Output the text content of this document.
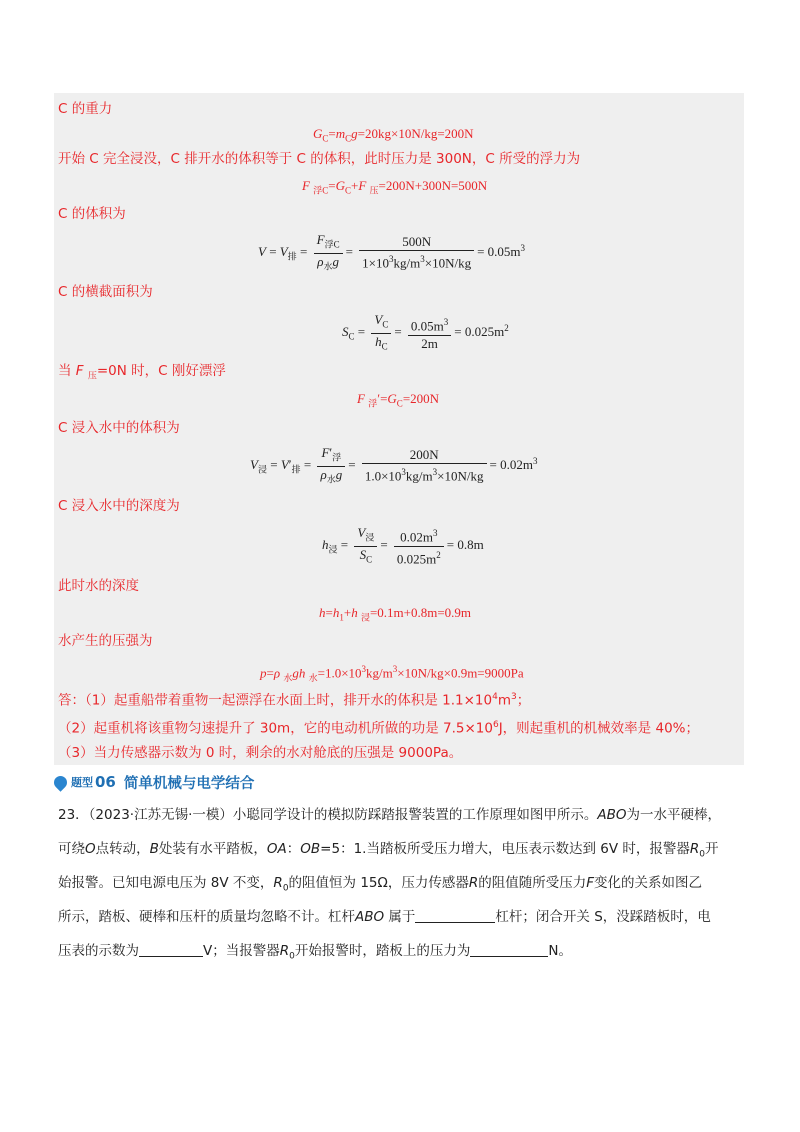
C 的重力
$G_C=m_Cg=20kg\times 10N/kg=200N$
开始 C 完全浸没，C 排开水的体积等于 C 的体积，此时压力是 300N，C 所受的浮力为
F $_{浮C}=G_C+F$ $_压$=200N+300N=500N
C 的体积为
$V = V_排 = \frac{F_{浮C}}{\rho_水g} = \frac{500N}{1\times 10^3kg/m^3\times 10N/kg} = 0.05m^3$
C 的横截面积为
$S_C = \frac{V_C}{h_C} = \frac{0.05m^3}{2m} = 0.025m^2$
当 F $_压$=0N 时，C 刚好漂浮
F $_浮'=G_C=200N$
C 浸入水中的体积为
$V_浸 = V'_排 = \frac{F'_浮}{\rho_水g} = \frac{200N}{1.0\times 10^3kg/m^3\times 10N/kg} = 0.02m^3$
C 浸入水中的深度为
$h_浸 = \frac{V_浸}{S_C} = \frac{0.02m^3}{0.025m^2} = 0.8m$
此时水的深度
$h=h_1+h$ $_浸$=0.1m+0.8m=0.9m
水产生的压强为
p=ρ $_水$gh $_水=1.0\times 10^3kg/m^3\times 10N/kg\times 0.9m=9000Pa$
答：（1）起重船带着重物一起漂浮在水面上时，排开水的体积是 $1.1\times 10^4m^3$；
（2）起重机将该重物匀速提升了 30m，它的电动机所做的功是 $7.5\times 10^6J$，则起重机的机械效率是 40%；
（3）当力传感器示数为 0 时，剩余的水对舱底的压强是 9000Pa。
题型 06 简单机械与电学结合
23．（2023·江苏无锡·一模）小聪同学设计的模拟防踩踏报警装置的工作原理如图甲所示。ABO为一水平硬棒，
可绕O点转动，B处装有水平踏板，OA：OB=5：1.当踏板所受压力增大，电压表示数达到 6V 时，报警器$R_0$开
始报警。已知电源电压为 8V 不变，$R_0$的阻值恒为 15Ω，压力传感器R的阻值随所受压力F变化的关系如图乙
所示，踏板、硬棒和压杆的质量均忽略不计。杠杆ABO 属于	杠杆；闭合开关 S，没踩踏板时，电
压表的示数为	V；当报警器$R_0$开始报警时，踏板上的压力为	N。
